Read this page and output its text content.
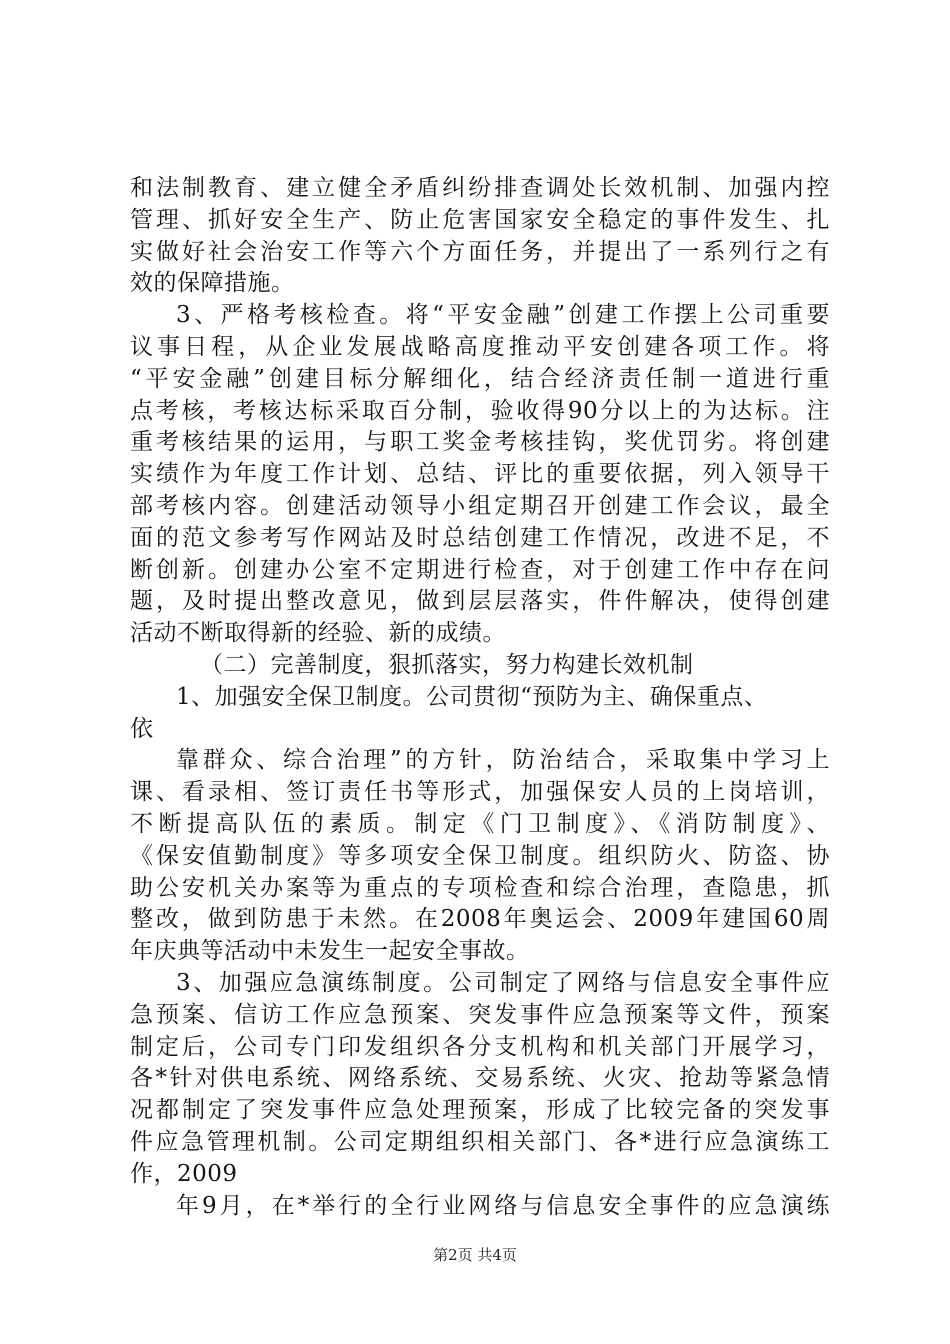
和法制教育、建立健全矛盾纠纷排查调处长效机制、加强内控
管理、抓好安全生产、防止危害国家安全稳定的事件发生、扎
实做好社会治安工作等六个方面任务，并提出了一系列行之有
效的保障措施。
3、严格考核检查。将“平安金融”创建工作摆上公司重要
议事日程，从企业发展战略高度推动平安创建各项工作。将
“平安金融”创建目标分解细化，结合经济责任制一道进行重
点考核，考核达标采取百分制，验收得90分以上的为达标。注
重考核结果的运用，与职工奖金考核挂钩，奖优罚劣。将创建
实绩作为年度工作计划、总结、评比的重要依据，列入领导干
部考核内容。创建活动领导小组定期召开创建工作会议，最全
面的范文参考写作网站及时总结创建工作情况，改进不足，不
断创新。创建办公室不定期进行检查，对于创建工作中存在问
题，及时提出整改意见，做到层层落实，件件解决，使得创建
活动不断取得新的经验、新的成绩。
（二）完善制度，狠抓落实，努力构建长效机制
1、加强安全保卫制度。公司贯彻“预防为主、确保重点、
依
靠群众、综合治理”的方针，防治结合，采取集中学习上
课、看录相、签订责任书等形式，加强保安人员的上岗培训，
不断提高队伍的素质。制定《门卫制度》、《消防制度》、
《保安值勤制度》等多项安全保卫制度。组织防火、防盗、协
助公安机关办案等为重点的专项检查和综合治理，查隐患，抓
整改，做到防患于未然。在2008年奥运会、2009年建国60周
年庆典等活动中未发生一起安全事故。
3、加强应急演练制度。公司制定了网络与信息安全事件应
急预案、信访工作应急预案、突发事件应急预案等文件，预案
制定后，公司专门印发组织各分支机构和机关部门开展学习，
各*针对供电系统、网络系统、交易系统、火灾、抢劫等紧急情
况都制定了突发事件应急处理预案，形成了比较完备的突发事
件应急管理机制。公司定期组织相关部门、各*进行应急演练工
作，2009
年9月，在*举行的全行业网络与信息安全事件的应急演练
第2页 共4页
